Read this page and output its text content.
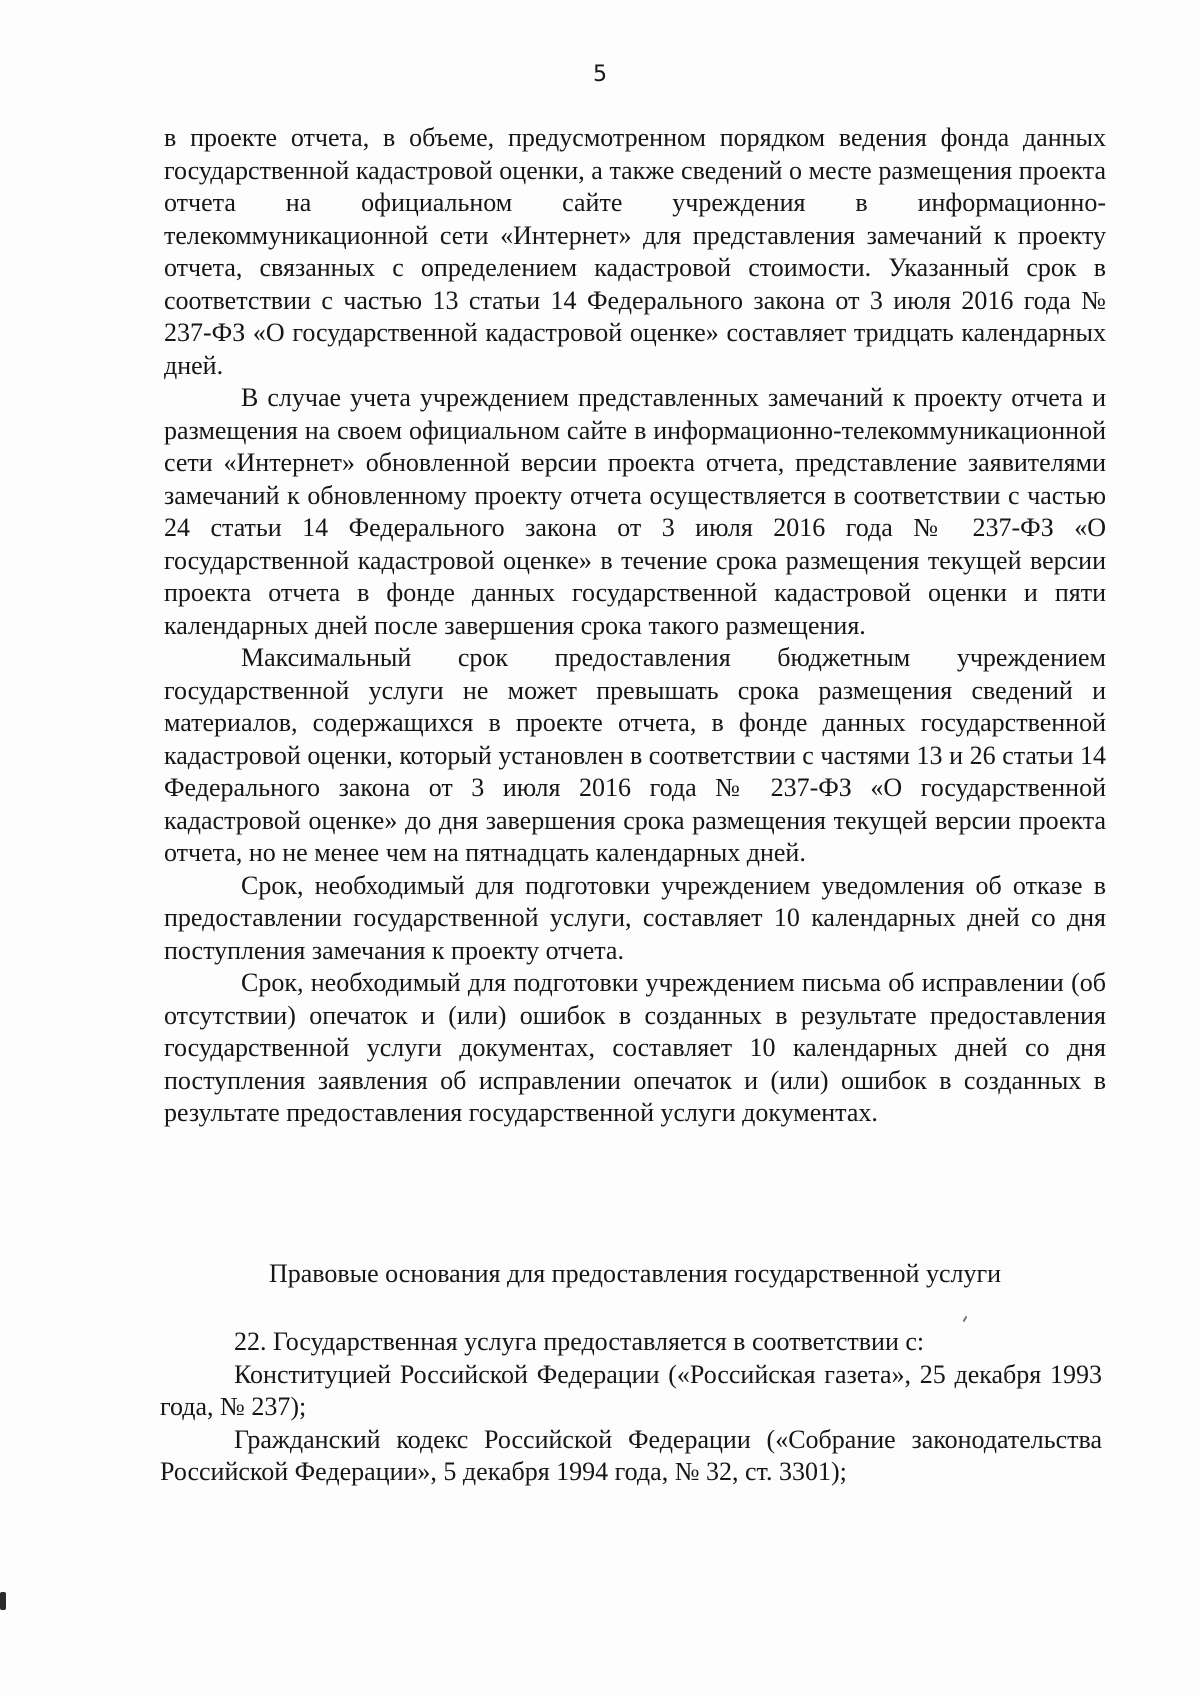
5

в проекте отчета, в объеме, предусмотренном порядком ведения фонда данных государственной кадастровой оценки, а также сведений о месте размещения проекта отчета на официальном сайте учреждения в информационно-телекоммуникационной сети «Интернет» для представления замечаний к проекту отчета, связанных с определением кадастровой стоимости. Указанный срок в соответствии с частью 13 статьи 14 Федерального закона от 3 июля 2016 года № 237-ФЗ «О государственной кадастровой оценке» составляет тридцать календарных дней.

В случае учета учреждением представленных замечаний к проекту отчета и размещения на своем официальном сайте в информационно-телекоммуникационной сети «Интернет» обновленной версии проекта отчета, представление заявителями замечаний к обновленному проекту отчета осуществляется в соответствии с частью 24 статьи 14 Федерального закона от 3 июля 2016 года № 237-ФЗ «О государственной кадастровой оценке» в течение срока размещения текущей версии проекта отчета в фонде данных государственной кадастровой оценки и пяти календарных дней после завершения срока такого размещения.

Максимальный срок предоставления бюджетным учреждением государственной услуги не может превышать срока размещения сведений и материалов, содержащихся в проекте отчета, в фонде данных государственной кадастровой оценки, который установлен в соответствии с частями 13 и 26 статьи 14 Федерального закона от 3 июля 2016 года № 237-ФЗ «О государственной кадастровой оценке» до дня завершения срока размещения текущей версии проекта отчета, но не менее чем на пятнадцать календарных дней.

Срок, необходимый для подготовки учреждением уведомления об отказе в предоставлении государственной услуги, составляет 10 календарных дней со дня поступления замечания к проекту отчета.

Срок, необходимый для подготовки учреждением письма об исправлении (об отсутствии) опечаток и (или) ошибок в созданных в результате предоставления государственной услуги документах, составляет 10 календарных дней со дня поступления заявления об исправлении опечаток и (или) ошибок в созданных в результате предоставления государственной услуги документах.

Правовые основания для предоставления государственной услуги

22. Государственная услуга предоставляется в соответствии с:

Конституцией Российской Федерации («Российская газета», 25 декабря 1993 года, № 237);

Гражданский кодекс Российской Федерации («Собрание законодательства Российской Федерации», 5 декабря 1994 года, № 32, ст. 3301);
